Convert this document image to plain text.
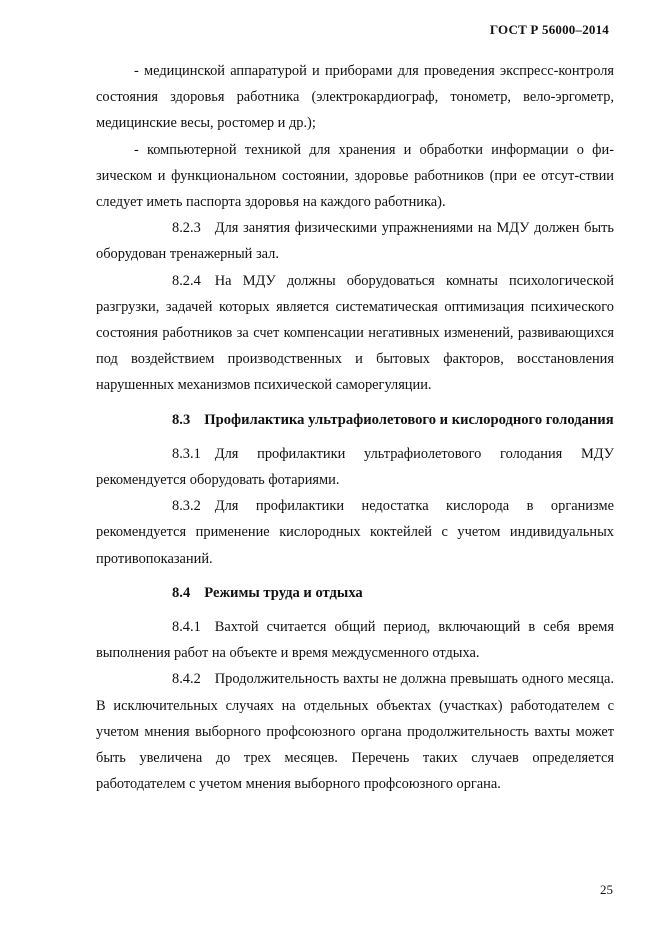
ГОСТ Р 56000–2014

- медицинской аппаратурой и приборами для проведения экспресс-контроля состояния здоровья работника (электрокардиограф, тонометр, вело-эргометр, медицинские весы, ростомер и др.);

- компьютерной техникой для хранения и обработки информации о фи-зическом и функциональном состоянии, здоровье работников (при ее отсут-ствии следует иметь паспорта здоровья на каждого работника).

8.2.3 Для занятия физическими упражнениями на МДУ должен быть оборудован тренажерный зал.

8.2.4 На МДУ должны оборудоваться комнаты психологической разгрузки, задачей которых является систематическая оптимизация психического состояния работников за счет компенсации негативных изменений, развивающихся под воздействием производственных и бытовых факторов, восстановления нарушенных механизмов психической саморегуляции.

8.3 Профилактика ультрафиолетового и кислородного голодания

8.3.1 Для профилактики ультрафиолетового голодания МДУ рекомендуется оборудовать фотариями.

8.3.2 Для профилактики недостатка кислорода в организме рекомендуется применение кислородных коктейлей с учетом индивидуальных противопоказаний.

8.4 Режимы труда и отдыха

8.4.1 Вахтой считается общий период, включающий в себя время выполнения работ на объекте и время междусменного отдыха.

8.4.2 Продолжительность вахты не должна превышать одного месяца. В исключительных случаях на отдельных объектах (участках) работодателем с учетом мнения выборного профсоюзного органа продолжительность вахты может быть увеличена до трех месяцев. Перечень таких случаев определяется работодателем с учетом мнения выборного профсоюзного органа.

25
